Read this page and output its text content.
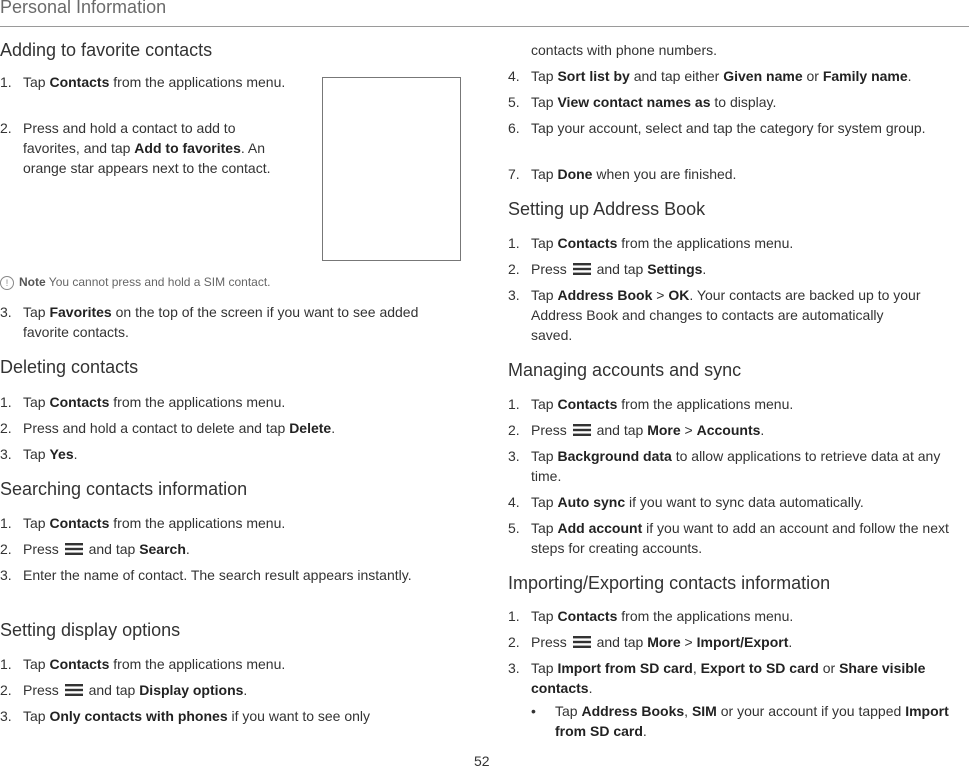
Personal Information
Adding to favorite contacts
1. Tap Contacts from the applications menu.
2. Press and hold a contact to add to favorites, and tap Add to favorites. An orange star appears next to the contact.
! Note You cannot press and hold a SIM contact.
3. Tap Favorites on the top of the screen if you want to see added favorite contacts.
Deleting contacts
1. Tap Contacts from the applications menu.
2. Press and hold a contact to delete and tap Delete.
3. Tap Yes.
Searching contacts information
1. Tap Contacts from the applications menu.
2. Press  and tap Search.
3. Enter the name of contact. The search result appears instantly.
Setting display options
1. Tap Contacts from the applications menu.
2. Press  and tap Display options.
3. Tap Only contacts with phones if you want to see only
contacts with phone numbers.
4. Tap Sort list by and tap either Given name or Family name.
5. Tap View contact names as to display.
6. Tap your account, select and tap the category for system group.
7. Tap Done when you are finished.
Setting up Address Book
1. Tap Contacts from the applications menu.
2. Press  and tap Settings.
3. Tap Address Book > OK. Your contacts are backed up to your Address Book and changes to contacts are automatically saved.
Managing accounts and sync
1. Tap Contacts from the applications menu.
2. Press  and tap More > Accounts.
3. Tap Background data to allow applications to retrieve data at any time.
4. Tap Auto sync if you want to sync data automatically.
5. Tap Add account if you want to add an account and follow the next steps for creating accounts.
Importing/Exporting contacts information
1. Tap Contacts from the applications menu.
2. Press  and tap More > Import/Export.
3. Tap Import from SD card, Export to SD card or Share visible contacts.
• Tap Address Books, SIM or your account if you tapped Import from SD card.
52
